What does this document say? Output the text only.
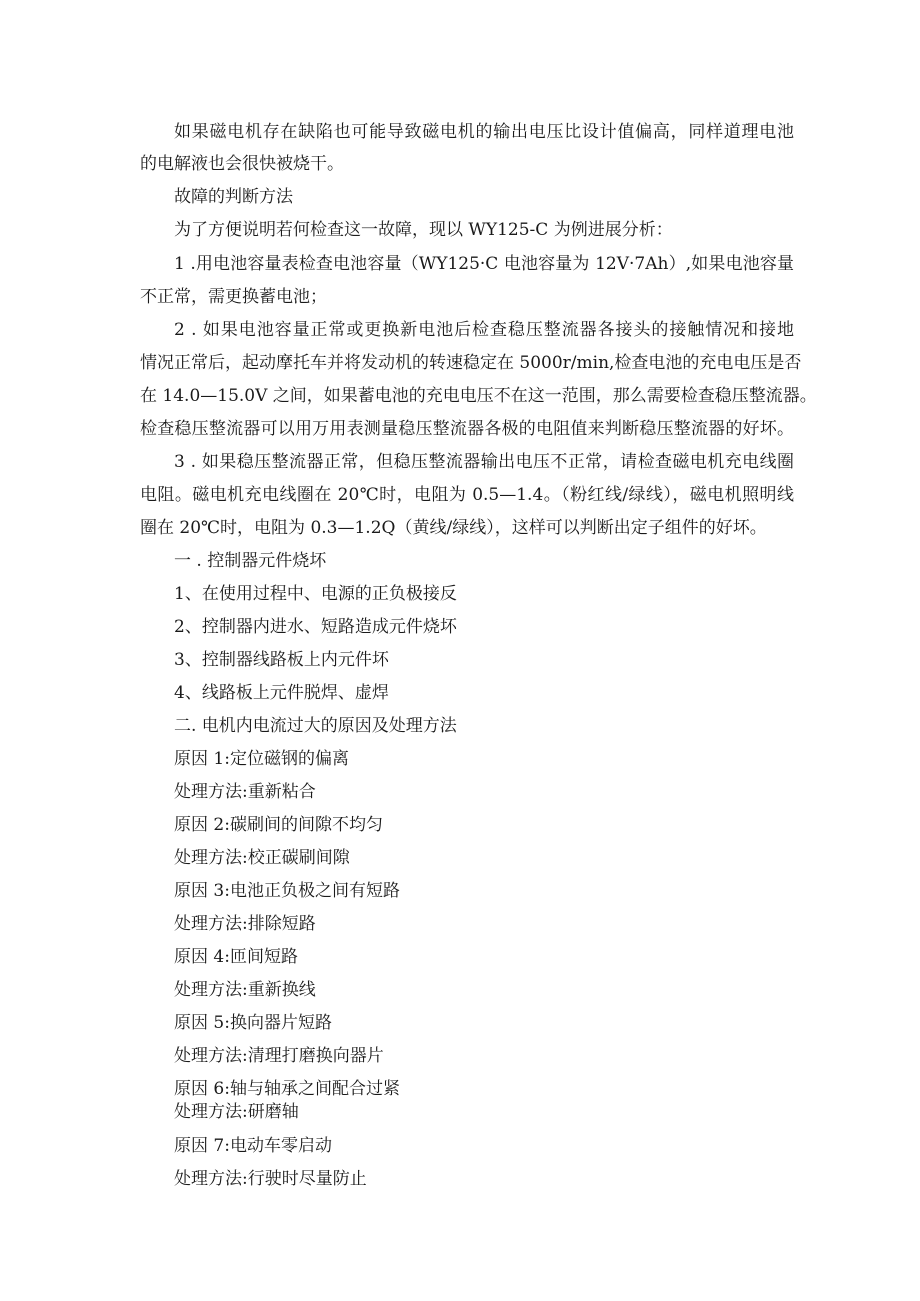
如果磁电机存在缺陷也可能导致磁电机的输出电压比设计值偏高，同样道理电池
的电解液也会很快被烧干。
故障的判断方法
为了方便说明若何检查这一故障，现以 WY125-C 为例进展分析：
1 .用电池容量表检查电池容量（WY125·C 电池容量为 12V·7Ah）,如果电池容量
不正常，需更换蓄电池；
2 . 如果电池容量正常或更换新电池后检查稳压整流器各接头的接触情况和接地
情况正常后，起动摩托车并将发动机的转速稳定在 5000r/min,检查电池的充电电压是否
在 14.0—15.0V 之间，如果蓄电池的充电电压不在这一范围，那么需要检查稳压整流器。
检查稳压整流器可以用万用表测量稳压整流器各极的电阻值来判断稳压整流器的好坏。
3 . 如果稳压整流器正常，但稳压整流器输出电压不正常，请检查磁电机充电线圈
电阻。磁电机充电线圈在 20℃时，电阻为 0.5—1.4。（粉红线/绿线），磁电机照明线
圈在 20℃时，电阻为 0.3—1.2Q（黄线/绿线），这样可以判断出定子组件的好坏。
一 . 控制器元件烧坏
1、在使用过程中、电源的正负极接反
2、控制器内进水、短路造成元件烧坏
3、控制器线路板上内元件坏
4、线路板上元件脱焊、虚焊
二. 电机内电流过大的原因及处理方法
原因 1:定位磁钢的偏离
处理方法:重新粘合
原因 2:碳刷间的间隙不均匀
处理方法:校正碳刷间隙
原因 3:电池正负极之间有短路
处理方法:排除短路
原因 4:匝间短路
处理方法:重新换线
原因 5:换向器片短路
处理方法:清理打磨换向器片
原因 6:轴与轴承之间配合过紧
处理方法:研磨轴
原因 7:电动车零启动
处理方法:行驶时尽量防止
